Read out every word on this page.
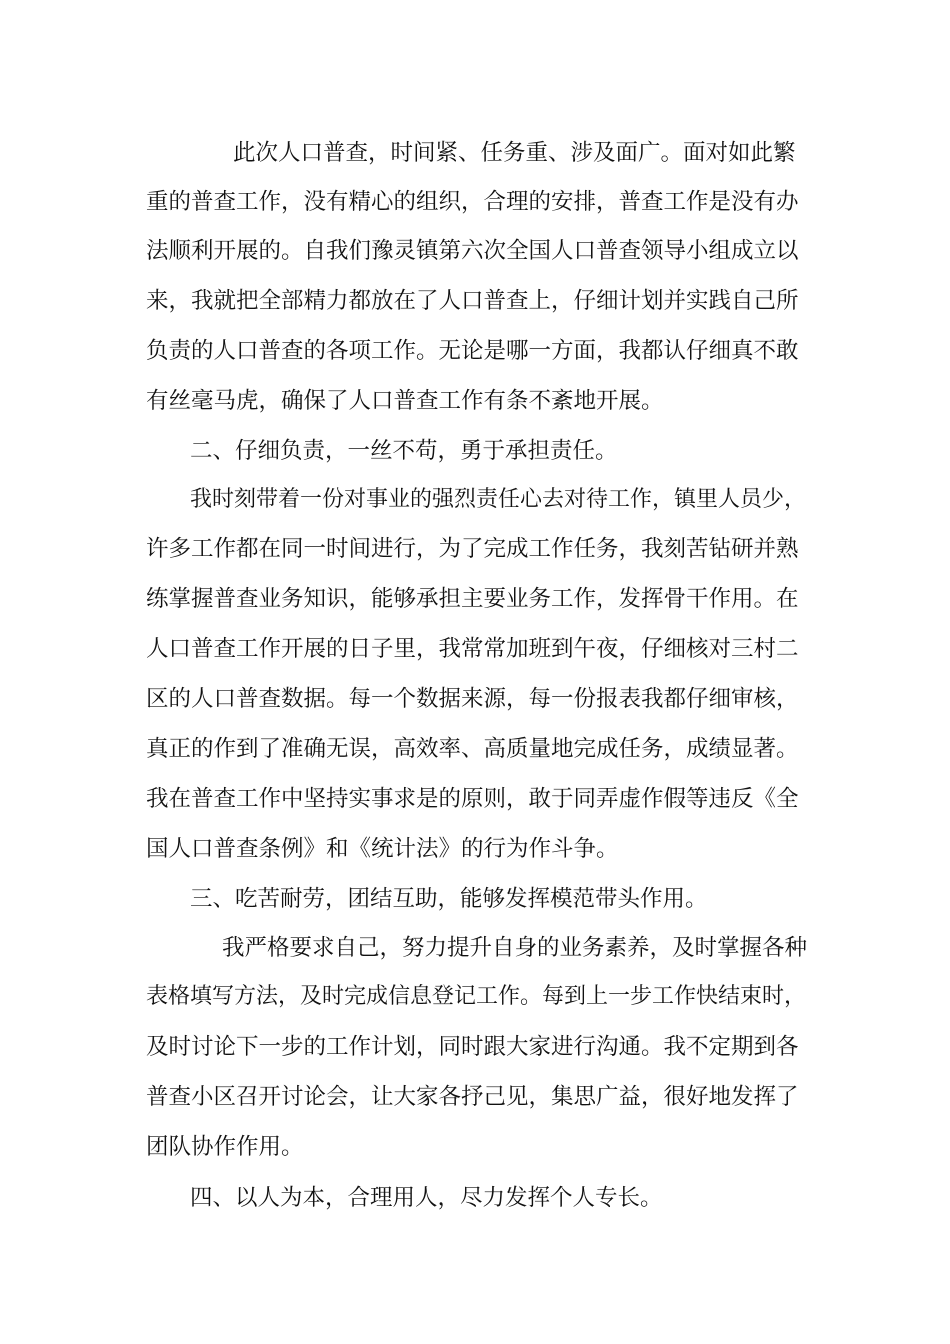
此次人口普查，时间紧、任务重、涉及面广。面对如此繁
重的普查工作，没有精心的组织，合理的安排，普查工作是没有办
法顺利开展的。自我们豫灵镇第六次全国人口普查领导小组成立以
来，我就把全部精力都放在了人口普查上，仔细计划并实践自己所
负责的人口普查的各项工作。无论是哪一方面，我都认仔细真不敢
有丝毫马虎，确保了人口普查工作有条不紊地开展。
二、仔细负责，一丝不苟，勇于承担责任。
我时刻带着一份对事业的强烈责任心去对待工作，镇里人员少，
许多工作都在同一时间进行，为了完成工作任务，我刻苦钻研并熟
练掌握普查业务知识，能够承担主要业务工作，发挥骨干作用。在
人口普查工作开展的日子里，我常常加班到午夜，仔细核对三村二
区的人口普查数据。每一个数据来源，每一份报表我都仔细审核，
真正的作到了准确无误，高效率、高质量地完成任务，成绩显著。
我在普查工作中坚持实事求是的原则，敢于同弄虚作假等违反《全
国人口普查条例》和《统计法》的行为作斗争。
三、吃苦耐劳，团结互助，能够发挥模范带头作用。
我严格要求自己，努力提升自身的业务素养，及时掌握各种
表格填写方法，及时完成信息登记工作。每到上一步工作快结束时，
及时讨论下一步的工作计划，同时跟大家进行沟通。我不定期到各
普查小区召开讨论会，让大家各抒己见，集思广益，很好地发挥了
团队协作作用。
四、以人为本，合理用人，尽力发挥个人专长。
